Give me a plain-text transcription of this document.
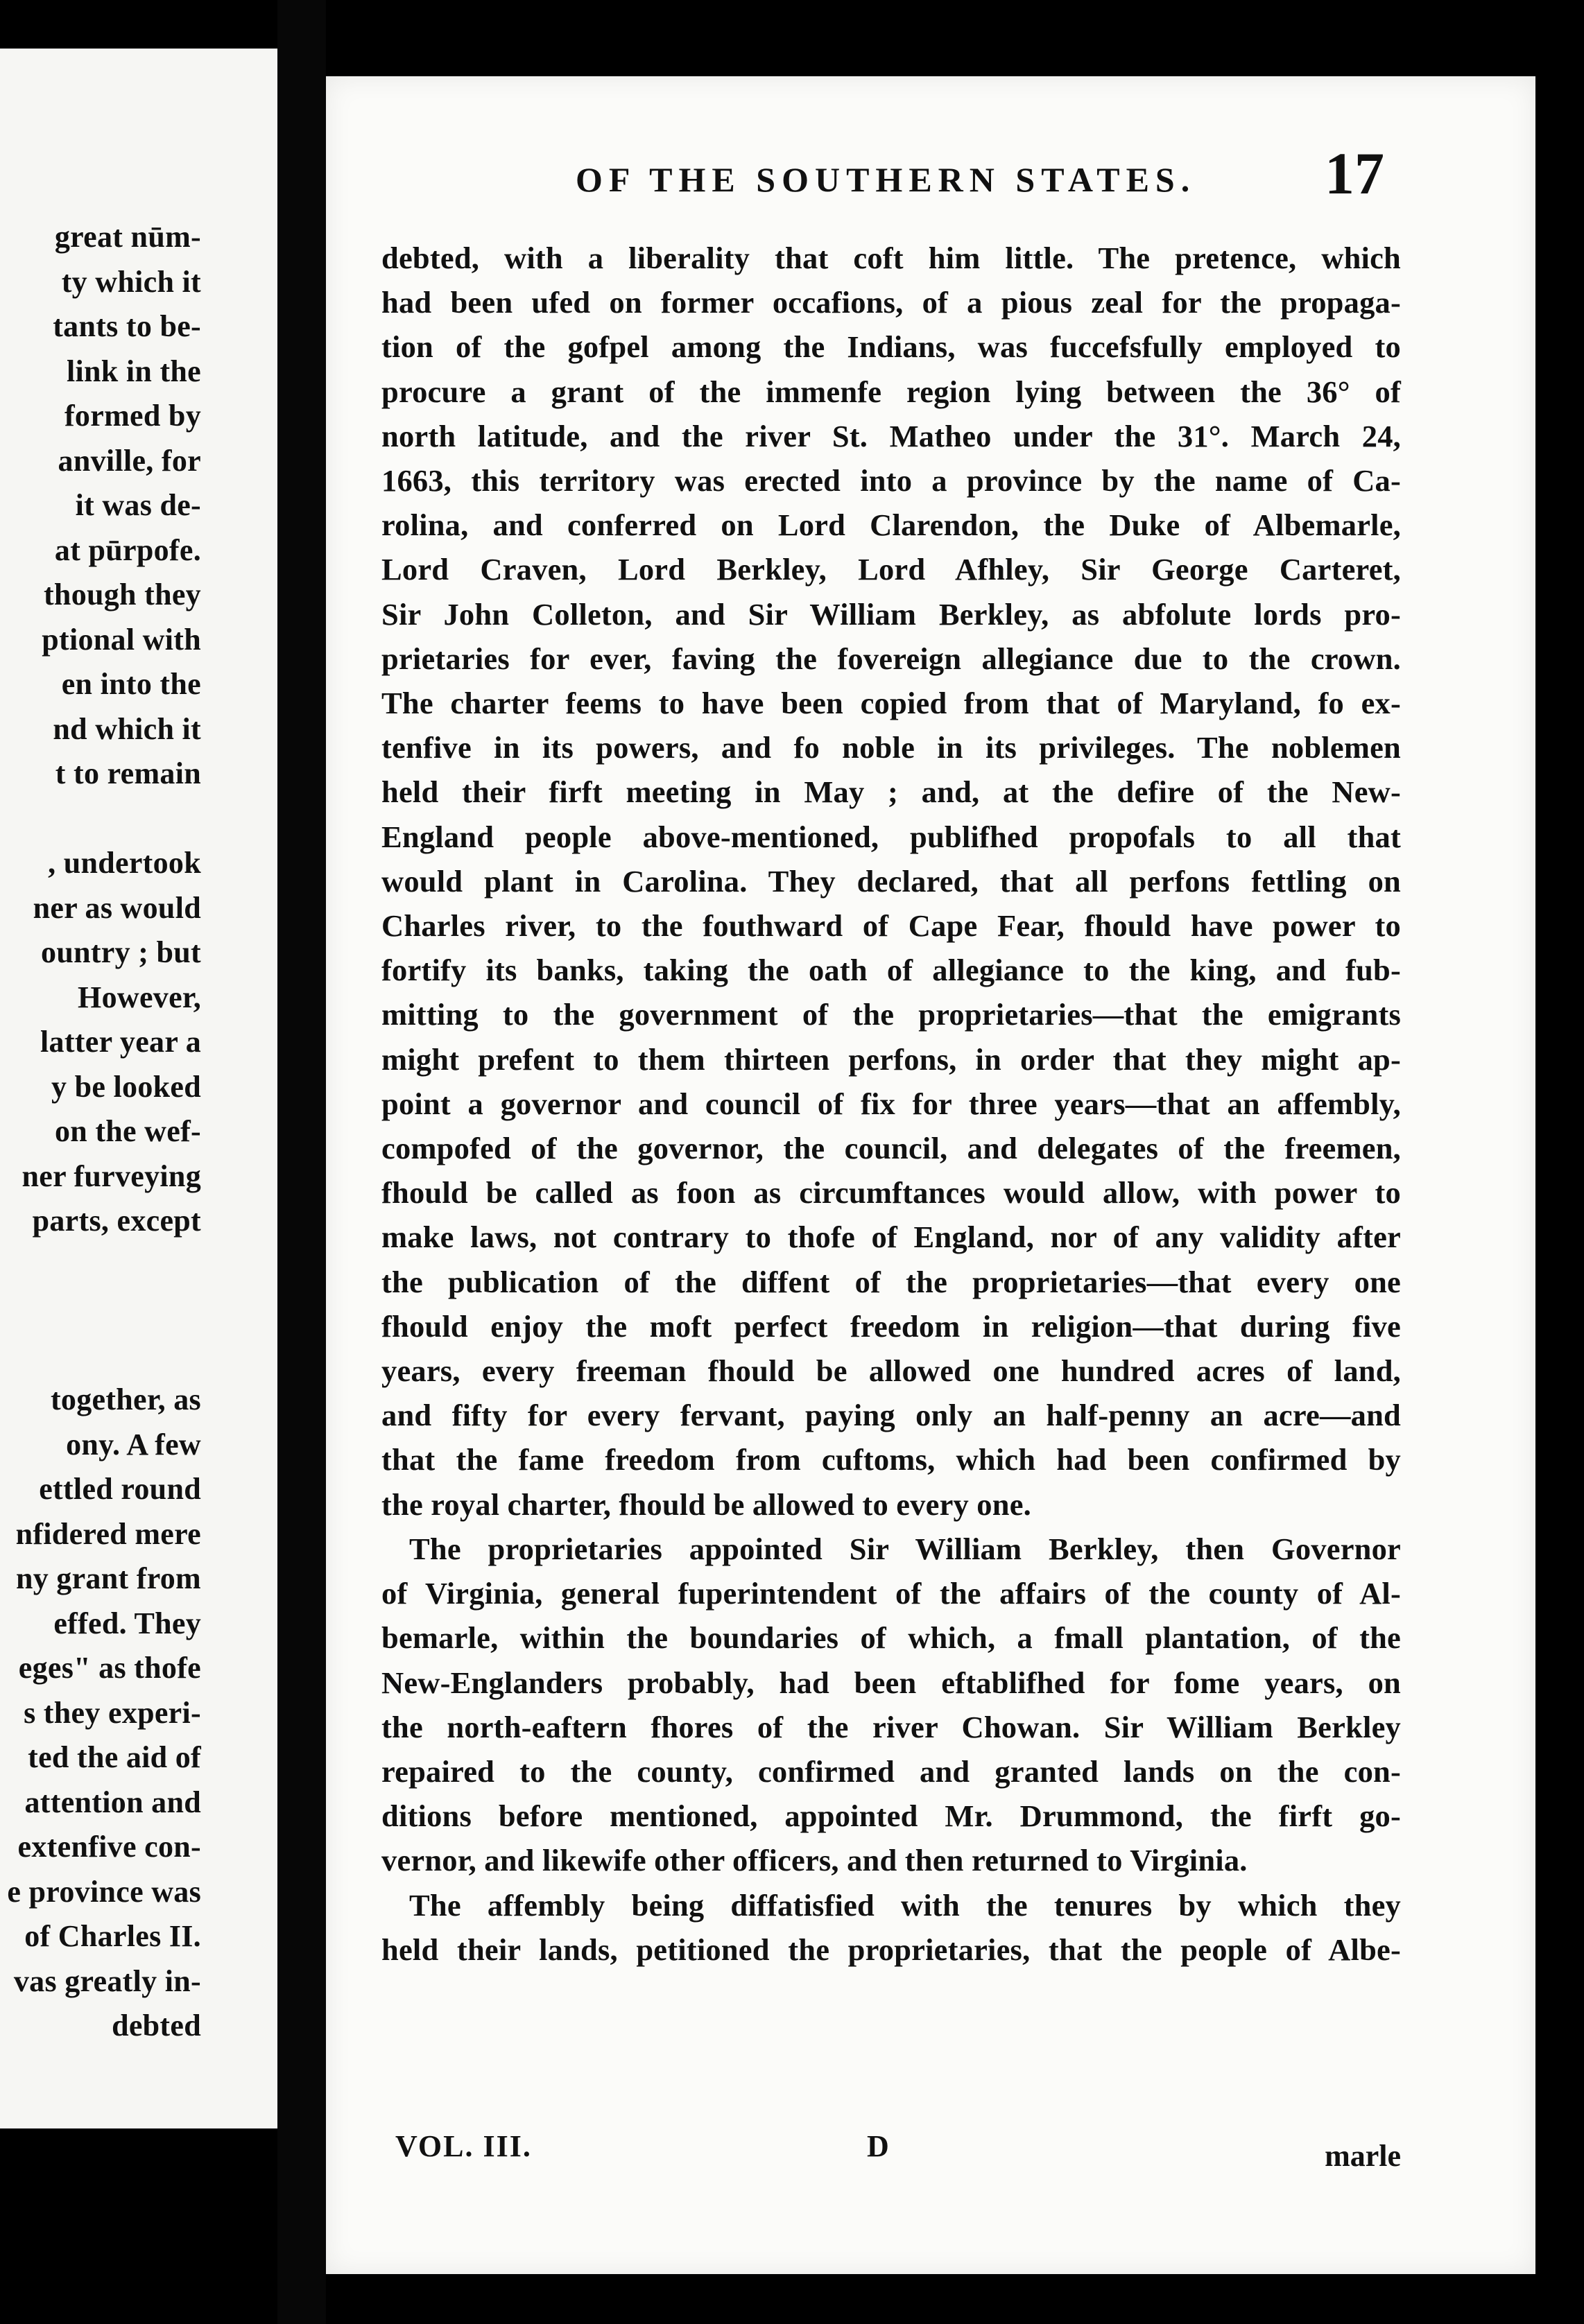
great nūm-
ty which it
tants to be-
link in the
formed by
anville, for
it was de-
at pūrpofe.
though they
ptional with
en into the
nd which it
t to remain

, undertook
ner as would
ountry ; but
However,
latter year a
y be looked
on the wef-
ner furveying
parts, except

together, as
ony. A few
ettled round
nfidered mere
ny grant from
effed. They
eges" as thofe
s they experi-
ted the aid of
attention and
extenfive con-
e province was
of Charles II.
vas greatly in-
debted
OF THE SOUTHERN STATES. 17
debted, with a liberality that coft him little. The pretence, which
had been ufed on former occafions, of a pious zeal for the propaga-
tion of the gofpel among the Indians, was fuccefsfully employed to
procure a grant of the immenfe region lying between the 36° of
north latitude, and the river St. Matheo under the 31°. March 24,
1663, this territory was erected into a province by the name of Ca-
rolina, and conferred on Lord Clarendon, the Duke of Albemarle,
Lord Craven, Lord Berkley, Lord Afhley, Sir George Carteret,
Sir John Colleton, and Sir William Berkley, as abfolute lords pro-
prietaries for ever, faving the fovereign allegiance due to the crown.
The charter feems to have been copied from that of Maryland, fo ex-
tenfive in its powers, and fo noble in its privileges. The noblemen
held their firft meeting in May ; and, at the defire of the New-
England people above-mentioned, publifhed propofals to all that
would plant in Carolina. They declared, that all perfons fettling on
Charles river, to the fouthward of Cape Fear, fhould have power to
fortify its banks, taking the oath of allegiance to the king, and fub-
mitting to the government of the proprietaries—that the emigrants
might prefent to them thirteen perfons, in order that they might ap-
point a governor and council of fix for three years—that an affembly,
compofed of the governor, the council, and delegates of the freemen,
fhould be called as foon as circumftances would allow, with power to
make laws, not contrary to thofe of England, nor of any validity after
the publication of the diffent of the proprietaries—that every one
fhould enjoy the moft perfect freedom in religion—that during five
years, every freeman fhould be allowed one hundred acres of land,
and fifty for every fervant, paying only an half-penny an acre—and
that the fame freedom from cuftoms, which had been confirmed by
the royal charter, fhould be allowed to every one.
The proprietaries appointed Sir William Berkley, then Governor
of Virginia, general fuperintendent of the affairs of the county of Al-
bemarle, within the boundaries of which, a fmall plantation, of the
New-Englanders probably, had been eftablifhed for fome years, on
the north-eaftern fhores of the river Chowan. Sir William Berkley
repaired to the county, confirmed and granted lands on the con-
ditions before mentioned, appointed Mr. Drummond, the firft go-
vernor, and likewife other officers, and then returned to Virginia.
The affembly being diffatisfied with the tenures by which they
held their lands, petitioned the proprietaries, that the people of Albe-
VOL. III.	D	marle
